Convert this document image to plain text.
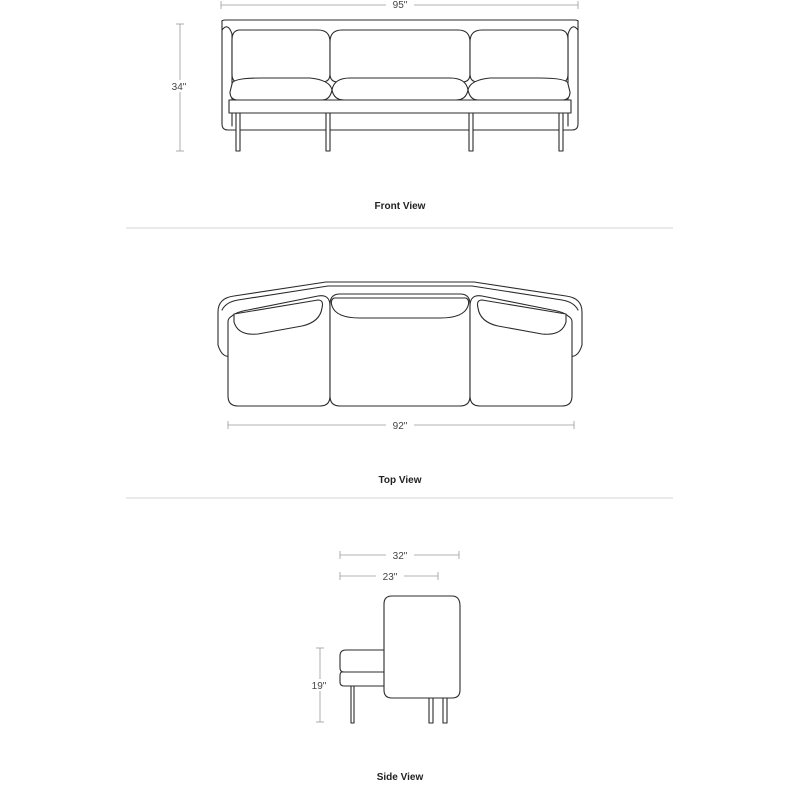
95"
34"
Front View
92"
Top View
32"
23"
19"
Side View
